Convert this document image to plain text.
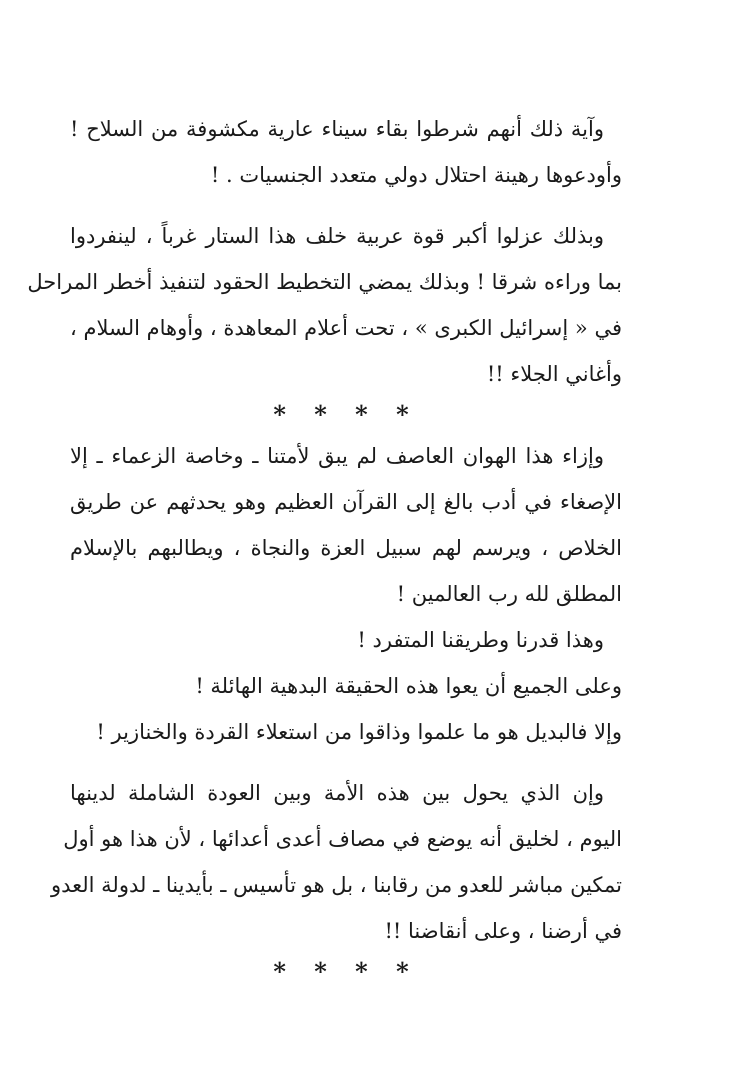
وآية ذلك أنهم شرطوا بقاء سيناء عارية مكشوفة من السلاح !
وأودعوها رهينة احتلال دولي متعدد الجنسيات . !
وبذلك عزلوا أكبر قوة عربية خلف هذا الستار غرباً ، لينفردوا
بما وراءه شرقا ! وبذلك يمضي التخطيط الحقود لتنفيذ أخطر المراحل
في « إسرائيل الكبرى » ، تحت أعلام المعاهدة ، وأوهام السلام ،
وأغاني الجلاء !!
* * * *
وإزاء هذا الهوان العاصف لم يبق لأمتنا ـ وخاصة الزعماء ـ إلا
الإصغاء في أدب بالغ إلى القرآن العظيم وهو يحدثهم عن طريق
الخلاص ، ويرسم لهم سبيل العزة والنجاة ، ويطالبهم بالإسلام
المطلق لله رب العالمين !
وهذا قدرنا وطريقنا المتفرد !
وعلى الجميع أن يعوا هذه الحقيقة البدهية الهائلة !
وإلا فالبديل هو ما علموا وذاقوا من استعلاء القردة والخنازير !
وإن الذي يحول بين هذه الأمة وبين العودة الشاملة لدينها
اليوم ، لخليق أنه يوضع في مصاف أعدى أعدائها ، لأن هذا هو أول
تمكين مباشر للعدو من رقابنا ، بل هو تأسيس ـ بأيدينا ـ لدولة العدو
في أرضنا ، وعلى أنقاضنا !!
* * * *
